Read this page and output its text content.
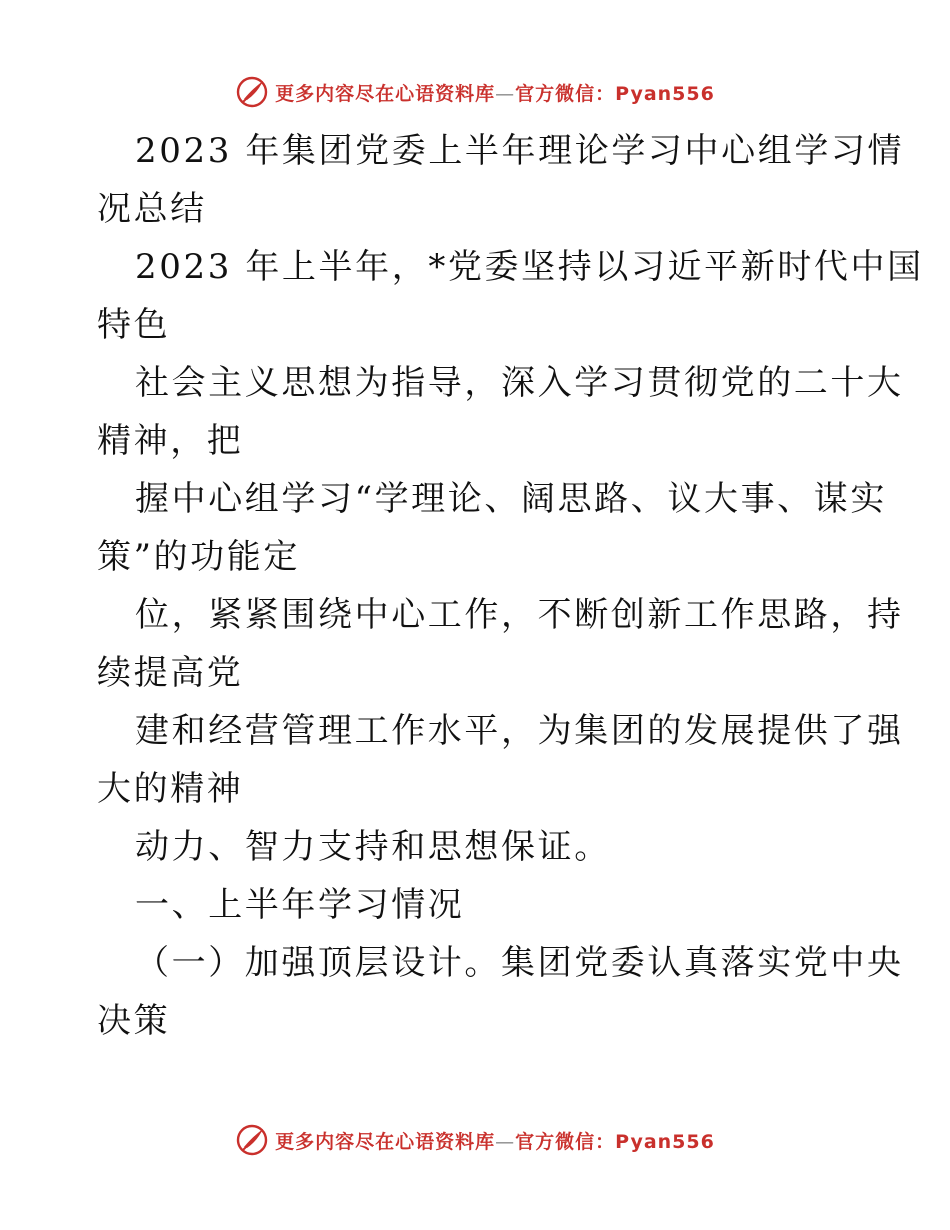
更多内容尽在心语资料库—官方微信：Pyan556
2023 年集团党委上半年理论学习中心组学习情
况总结
2023 年上半年，*党委坚持以习近平新时代中国
特色
社会主义思想为指导，深入学习贯彻党的二十大
精神，把
握中心组学习“学理论、阔思路、议大事、谋实
策”的功能定
位，紧紧围绕中心工作，不断创新工作思路，持
续提高党
建和经营管理工作水平，为集团的发展提供了强
大的精神
动力、智力支持和思想保证。
一、上半年学习情况
（一）加强顶层设计。集团党委认真落实党中央
决策
更多内容尽在心语资料库—官方微信：Pyan556
